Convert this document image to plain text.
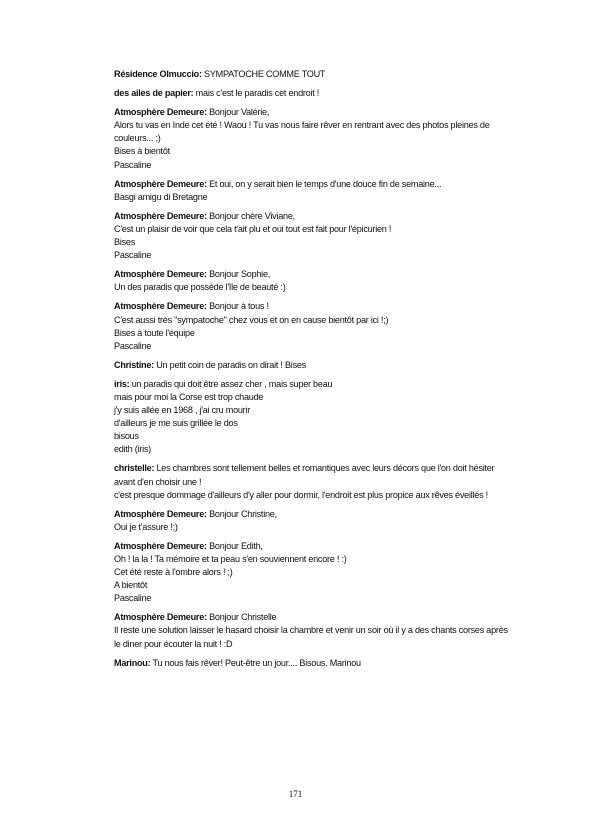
Résidence Olmuccio: SYMPATOCHE COMME TOUT

des ailes de papier: mais c'est le paradis cet endroit !

Atmosphère Demeure: Bonjour Valérie,

Alors tu vas en Inde cet été ! Waou ! Tu vas nous faire rêver en rentrant avec des photos pleines de couleurs... ;)

Bises à bientôt

Pascaline

Atmosphère Demeure: Et oui, on y serait bien le temps d'une douce fin de semaine...

Basgi amigu di Bretagne

Atmosphère Demeure: Bonjour chère Viviane,

C'est un plaisir de voir que cela t'ait plu et oui tout est fait pour l'épicurien !

Bises

Pascaline

Atmosphère Demeure: Bonjour Sophie,

Un des paradis que possède l'île de beauté :)

Atmosphère Demeure: Bonjour à tous !

C'est aussi très "sympatoche" chez vous et on en cause bientôt par ici !;)

Bises à toute l'équipe

Pascaline

Christine: Un petit coin de paradis on dirait ! Bises

iris: un paradis qui doit être assez cher , mais super beau

mais pour moi la Corse est trop chaude

j'y suis allée en 1968 , j'ai cru mourir

d'ailleurs je me suis grillée le dos

bisous

edith (iris)

christelle: Les chambres sont tellement belles et romantiques avec leurs décors que l'on doit hésiter avant d'en choisir une !

c'est presque dommage d'ailleurs d'y aller pour dormir, l'endroit est plus propice aux rêves éveillés !

Atmosphère Demeure: Bonjour Christine,

Oui je t'assure !;)

Atmosphère Demeure: Bonjour Edith,

Oh ! la la ! Ta mémoire et ta peau s'en souviennent encore ! :)

Cet été reste à l'ombre alors ! ;)

A bientôt

Pascaline

Atmosphère Demeure: Bonjour Christelle

Il reste une solution laisser le hasard choisir la chambre et venir un soir où il y a des chants corses après le diner pour écouter la nuit ! :D

Marinou: Tu nous fais rêver! Peut-être un jour.... Bisous. Marinou

171
